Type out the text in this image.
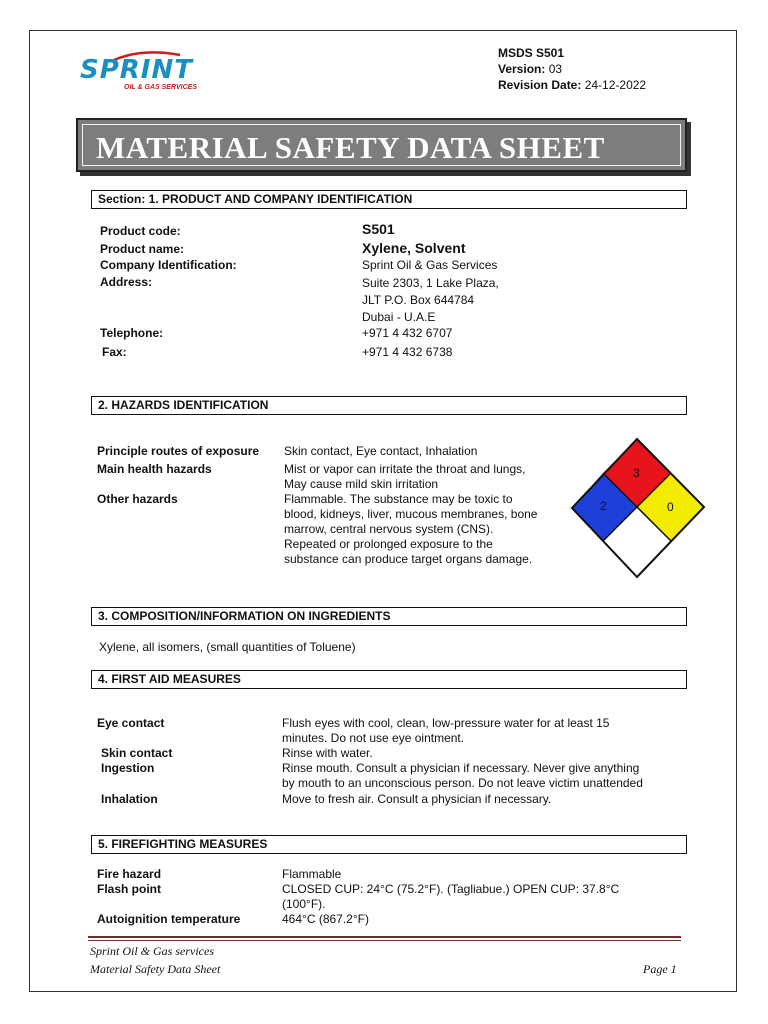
SPRINT
OIL & GAS SERVICES
MSDS S501
Version: 03
Revision Date: 24-12-2022
MATERIAL SAFETY DATA SHEET
Section: 1. PRODUCT AND COMPANY IDENTIFICATION
Product code:	S501
Product name:	Xylene, Solvent
Company Identification:	Sprint Oil & Gas Services
Address:	Suite 2303, 1 Lake Plaza,
JLT P.O. Box 644784
Dubai - U.A.E
Telephone:	+971 4 432 6707
Fax:	+971 4 432 6738
2. HAZARDS IDENTIFICATION
Principle routes of exposure Skin contact, Eye contact, Inhalation
Main health hazards	Mist or vapor can irritate the throat and lungs,
May cause mild skin irritation
Other hazards	Flammable. The substance may be toxic to
blood, kidneys, liver, mucous membranes, bone
marrow, central nervous system (CNS).
Repeated or prolonged exposure to the
substance can produce target organs damage.
3
2	0
3. COMPOSITION/INFORMATION ON INGREDIENTS
Xylene, all isomers, (small quantities of Toluene)
4. FIRST AID MEASURES
Eye contact	Flush eyes with cool, clean, low-pressure water for at least 15
minutes. Do not use eye ointment.
Skin contact	Rinse with water.
Ingestion	Rinse mouth. Consult a physician if necessary. Never give anything
by mouth to an unconscious person. Do not leave victim unattended
Inhalation	Move to fresh air. Consult a physician if necessary.
5. FIREFIGHTING MEASURES
Fire hazard	Flammable
Flash point	CLOSED CUP: 24°C (75.2°F). (Tagliabue.) OPEN CUP: 37.8°C
(100°F).
Autoignition temperature	464°C (867.2°F)
Sprint Oil & Gas services
Material Safety Data Sheet	Page 1
